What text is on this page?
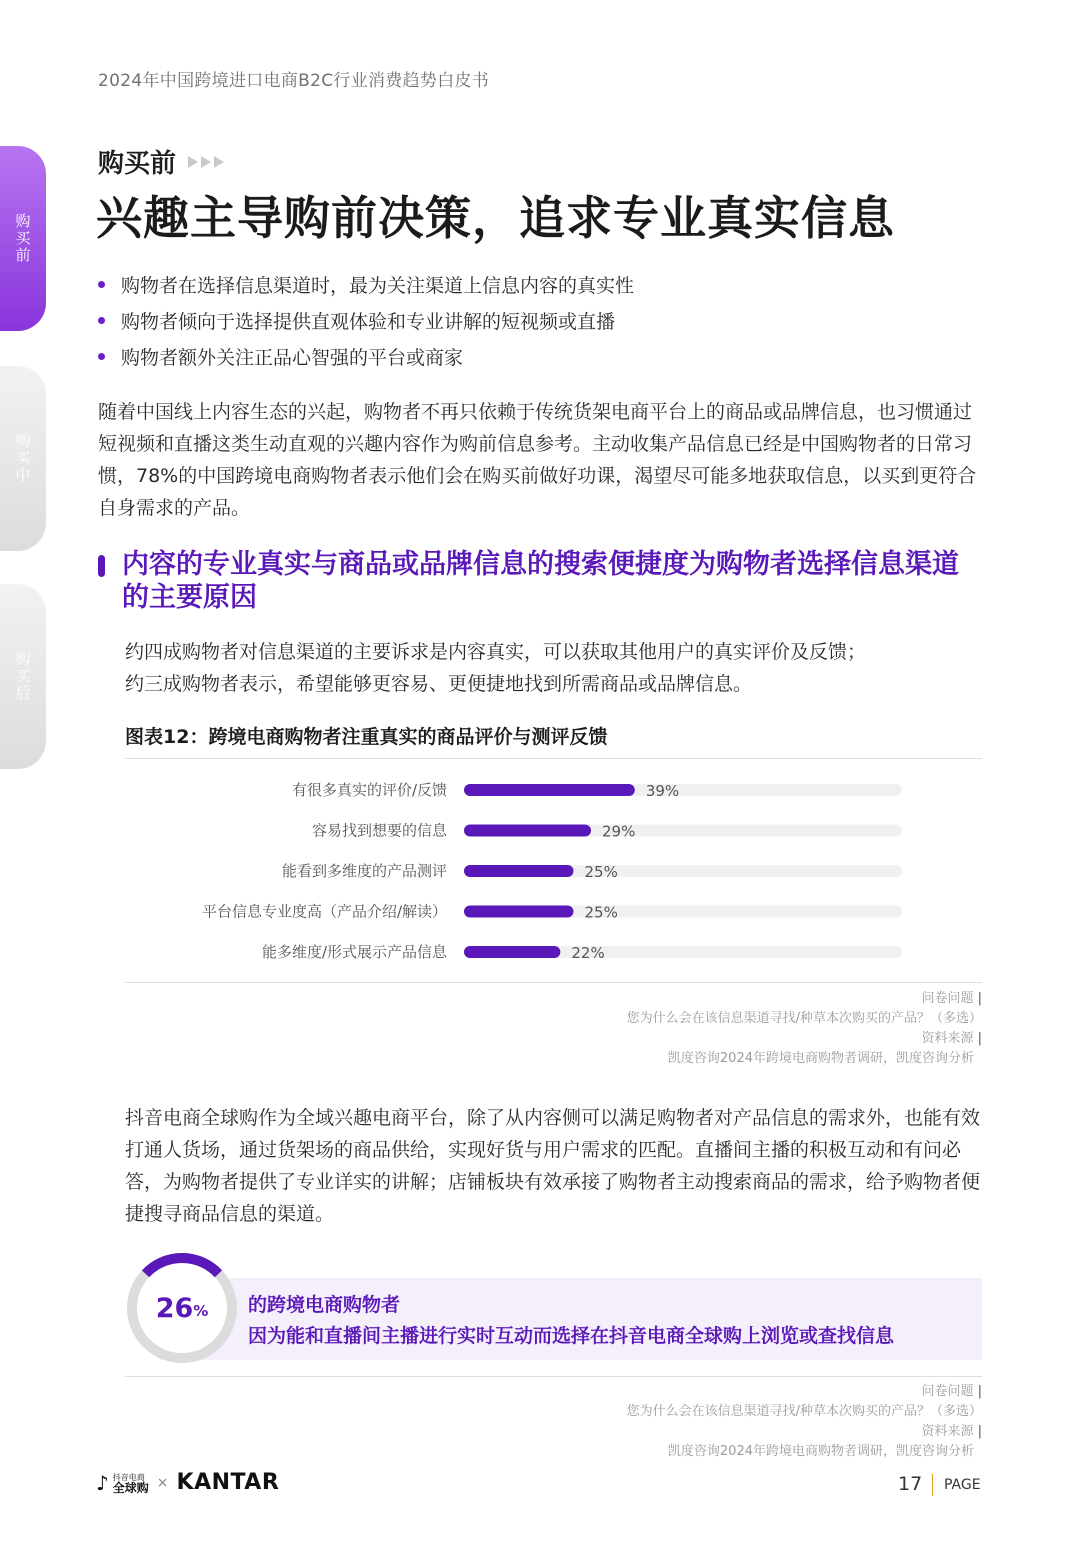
2024年中国跨境进口电商B2C行业消费趋势白皮书
购买前
购买中
购买后
购买前
兴趣主导购前决策，追求专业真实信息
购物者在选择信息渠道时，最为关注渠道上信息内容的真实性
购物者倾向于选择提供直观体验和专业讲解的短视频或直播
购物者额外关注正品心智强的平台或商家

随着中国线上内容生态的兴起，购物者不再只依赖于传统货架电商平台上的商品或品牌信息，也习惯通过短视频和直播这类生动直观的兴趣内容作为购前信息参考。主动收集产品信息已经是中国购物者的日常习惯，78%的中国跨境电商购物者表示他们会在购买前做好功课，渴望尽可能多地获取信息，以买到更符合自身需求的产品。

内容的专业真实与商品或品牌信息的搜索便捷度为购物者选择信息渠道的主要原因
约四成购物者对信息渠道的主要诉求是内容真实，可以获取其他用户的真实评价及反馈；
约三成购物者表示，希望能够更容易、更便捷地找到所需商品或品牌信息。
图表12：跨境电商购物者注重真实的商品评价与测评反馈
有很多真实的评价/反馈	39%
容易找到想要的信息	29%
能看到多维度的产品测评	25%
平台信息专业度高（产品介绍/解读）	25%
能多维度/形式展示产品信息	22%
问卷问题 |
您为什么会在该信息渠道寻找/种草本次购买的产品？（多选）
资料来源 |
凯度咨询2024年跨境电商购物者调研，凯度咨询分析

抖音电商全球购作为全域兴趣电商平台，除了从内容侧可以满足购物者对产品信息的需求外，也能有效打通人货场，通过货架场的商品供给，实现好货与用户需求的匹配。直播间主播的积极互动和有问必答，为购物者提供了专业详实的讲解；店铺板块有效承接了购物者主动搜索商品的需求，给予购物者便捷搜寻商品信息的渠道。

26 % 的跨境电商购物者
因为能和直播间主播进行实时互动而选择在抖音电商全球购上浏览或查找信息
问卷问题 |
您为什么会在该信息渠道寻找/种草本次购买的产品？（多选）
资料来源 |
凯度咨询2024年跨境电商购物者调研，凯度咨询分析
♪ 抖音电商
全球购 × KANTAR	17 PAGE
